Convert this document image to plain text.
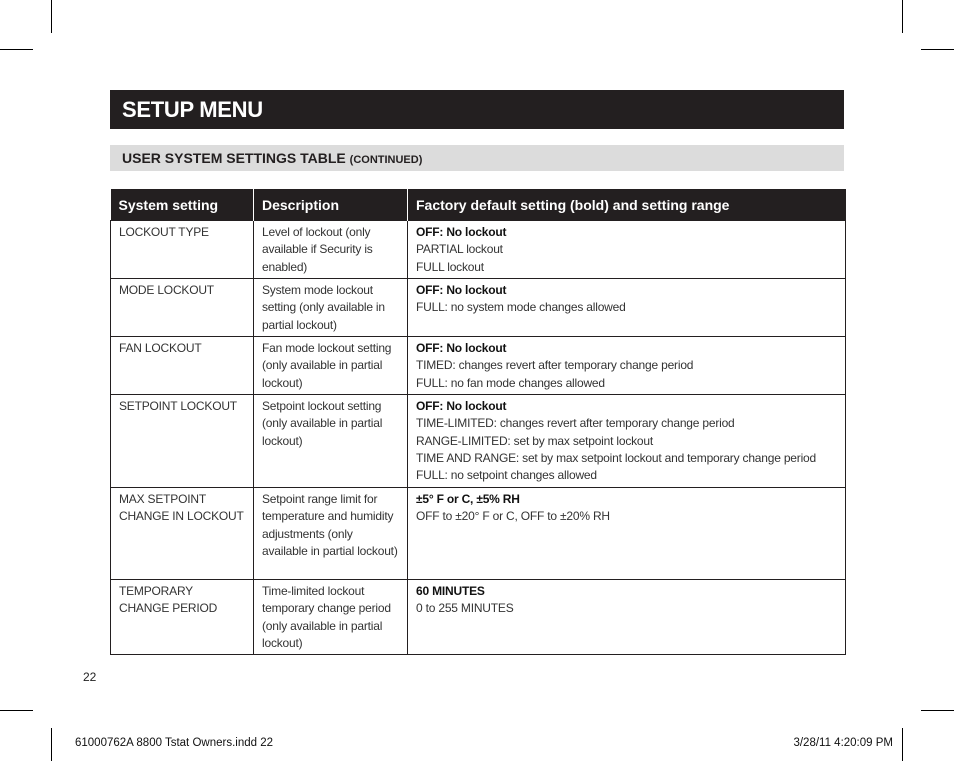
SETUP MENU
USER SYSTEM SETTINGS TABLE (CONTINUED)
System setting	Description	Factory default setting (bold) and setting range
LOCKOUT TYPE	Level of lockout (only available if Security is enabled)	OFF: No lockout
PARTIAL lockout
FULL lockout

MODE LOCKOUT	System mode lockout setting (only available in partial lockout)	OFF: No lockout
FULL: no system mode changes allowed

FAN LOCKOUT	Fan mode lockout setting (only available in partial lockout)	OFF: No lockout
TIMED: changes revert after temporary change period
FULL: no fan mode changes allowed

SETPOINT LOCKOUT	Setpoint lockout setting (only available in partial lockout)	OFF: No lockout
TIME-LIMITED: changes revert after temporary change period
RANGE-LIMITED: set by max setpoint lockout
TIME AND RANGE: set by max setpoint lockout and temporary change period
FULL: no setpoint changes allowed

MAX SETPOINT CHANGE IN LOCKOUT	Setpoint range limit for temperature and humidity adjustments (only available in partial lockout)	±5° F or C, ±5% RH
OFF to ±20° F or C, OFF to ±20% RH

TEMPORARY CHANGE PERIOD	Time-limited lockout temporary change period (only available in partial lockout)	60 MINUTES
0 to 255 MINUTES
22
61000762A 8800 Tstat Owners.indd 22	3/28/11 4:20:09 PM
